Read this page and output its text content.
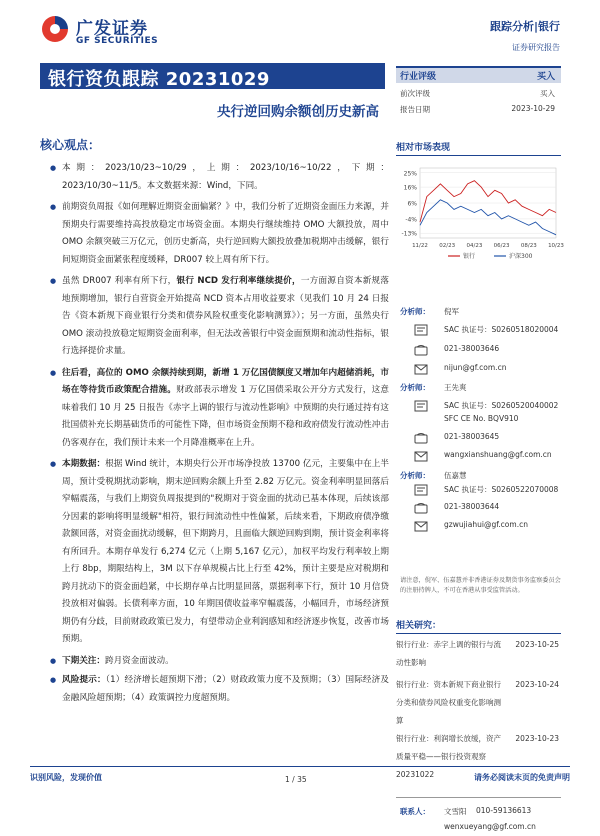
广发证券
GF SECURITIES
跟踪分析|银行
证券研究报告
银行资负跟踪 20231029
央行逆回购余额创历史新高
核心观点：
● 本期：2023/10/23~10/29，上期：2023/10/16~10/22，下期：2023/10/30~11/5。本文数据来源：Wind，下同。
● 前期资负周报《如何理解近期资金面偏紧？》中，我们分析了近期资金面压力来源，并预期央行需要维持高投放稳定市场资金面。本期央行继续维持 OMO 大额投放，周中 OMO 余额突破三万亿元，创历史新高，央行逆回购大额投放叠加税期冲击缓解，银行间短期资金面紧张程度缓释，DR007 较上周有所下行。
● 虽然 DR007 利率有所下行，银行 NCD 发行利率继续提价，一方面源自资本新规落地预期增加，银行自营资金开始提高 NCD 资本占用收益要求（见我们 10 月 24 日报告《资本新规下商业银行分类和债券风险权重变化影响测算》）；另一方面，虽然央行 OMO 滚动投放稳定短期资金面利率，但无法改善银行中资金面预期和流动性指标，银行选择提价求量。
● 往后看，高位的 OMO 余额持续到期，新增 1 万亿国债额度又增加年内超储消耗，市场在等待货币政策配合措施。财政部表示增发 1 万亿国债采取公开分方式发行，这意味着我们 10 月 25 日报告《赤字上调的银行与流动性影响》中预期的央行通过持有这批国债补充长期基础货币的可能性下降，但市场资金预期不稳和政府债发行流动性冲击仍客观存在，我们预计未来一个月降准概率在上升。
● 本期数据：根据 Wind 统计，本期央行公开市场净投放 13700 亿元，主要集中在上半周，预计受税期扰动影响，期末逆回购余额上升至 2.82 万亿元。资金利率明显回落后窄幅震荡，与我们上期资负周报提到的"税期对于资金面的扰动已基本体现，后续该部分因素的影响将明显缓解"相符，银行间流动性中性偏紧，后续来看，下期政府债净缴款额回落，对资金面扰动缓解，但下期跨月，且面临大额逆回购到期，预计资金利率将有所回升。本期存单发行 6,274 亿元（上期 5,167 亿元），加权平均发行利率较上期上行 8bp，期限结构上，3M 以下存单规模占比上行至 42%，预计主要是应对税期和跨月扰动下的资金面趋紧，中长期存单占比明显回落，票据利率下行，预计 10 月信贷投放相对偏弱。长债利率方面，10 年期国债收益率窄幅震荡，小幅回升，市场经济预期仍有分歧，目前财政政策已发力，有望带动企业利润感知和经济逐步恢复，改善市场预期。
● 下期关注：跨月资金面波动。
● 风险提示：（1）经济增长超预期下滑；（2）财政政策力度不及预期；（3）国际经济及金融风险超预期；（4）政策调控力度超预期。
行业评级	买入
前次评级	买入
报告日期	2023-10-29
相对市场表现
25%
16%
6%
-4%
-13%
11/22 02/23 04/23 06/23 08/23 10/23
银行	沪深300
分析师： 倪军
SAC 执证号：S0260518020004
021-38003646
nijun@gf.com.cn
分析师： 王先爽
SAC 执证号：S0260520040002
SFC CE No. BQV910
021-38003645
wangxianshuang@gf.com.cn
分析师： 伍嘉慧
SAC 执证号：S0260522070008
021-38003644
gzwujiahui@gf.com.cn
请注意，倪军、伍嘉慧并非香港证券及期货事务监察委员会的注册持牌人，不可在香港从事受监管活动。
相关研究：
银行行业：赤字上调的银行与流动性影响
2023-10-25
银行行业：资本新规下商业银行分类和债券风险权重变化影响测算
2023-10-24
银行行业：利润增长放缓，资产质量平稳——银行投资观察 20231022
2023-10-23
联系人： 文雪阳 010-59136613
wenxueyang@gf.com.cn
识别风险，发现价值	1 / 35	请务必阅读末页的免责声明
